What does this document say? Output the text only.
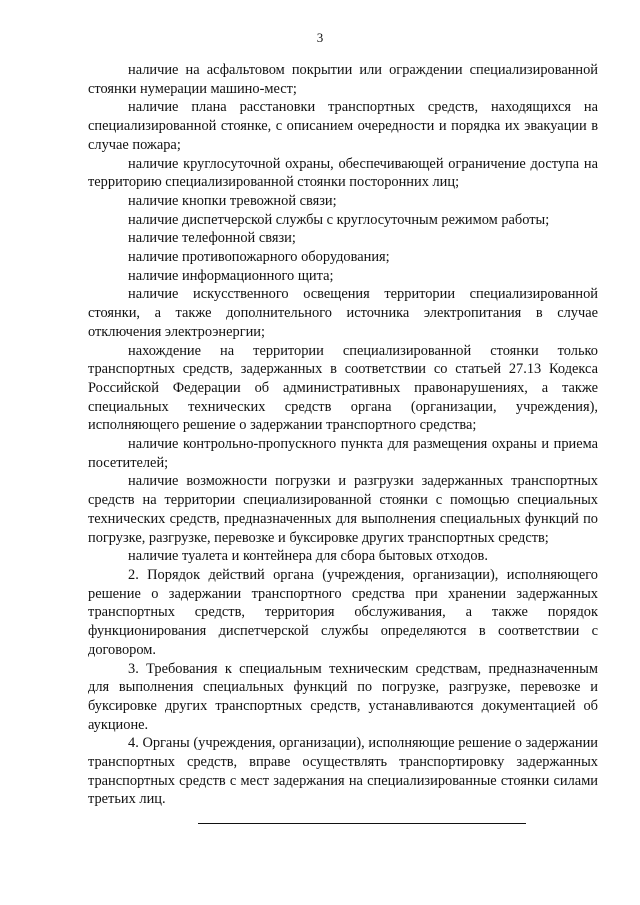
3

наличие на асфальтовом покрытии или ограждении специализированной стоянки нумерации машино-мест;

наличие плана расстановки транспортных средств, находящихся на специализированной стоянке, с описанием очередности и порядка их эвакуации в случае пожара;

наличие круглосуточной охраны, обеспечивающей ограничение доступа на территорию специализированной стоянки посторонних лиц;

наличие кнопки тревожной связи;

наличие диспетчерской службы с круглосуточным режимом работы;

наличие телефонной связи;

наличие противопожарного оборудования;

наличие информационного щита;

наличие искусственного освещения территории специализированной стоянки, а также дополнительного источника электропитания в случае отключения электроэнергии;

нахождение на территории специализированной стоянки только транспортных средств, задержанных в соответствии со статьей 27.13 Кодекса Российской Федерации об административных правонарушениях, а также специальных технических средств органа (организации, учреждения), исполняющего решение о задержании транспортного средства;

наличие контрольно-пропускного пункта для размещения охраны и приема посетителей;

наличие возможности погрузки и разгрузки задержанных транспортных средств на территории специализированной стоянки с помощью специальных технических средств, предназначенных для выполнения специальных функций по погрузке, разгрузке, перевозке и буксировке других транспортных средств;

наличие туалета и контейнера для сбора бытовых отходов.

2. Порядок действий органа (учреждения, организации), исполняющего решение о задержании транспортного средства при хранении задержанных транспортных средств, территория обслуживания, а также порядок функционирования диспетчерской службы определяются в соответствии с договором.

3. Требования к специальным техническим средствам, предназначенным для выполнения специальных функций по погрузке, разгрузке, перевозке и буксировке других транспортных средств, устанавливаются документацией об аукционе.

4. Органы (учреждения, организации), исполняющие решение о задержании транспортных средств, вправе осуществлять транспортировку задержанных транспортных средств с мест задержания на специализированные стоянки силами третьих лиц.
